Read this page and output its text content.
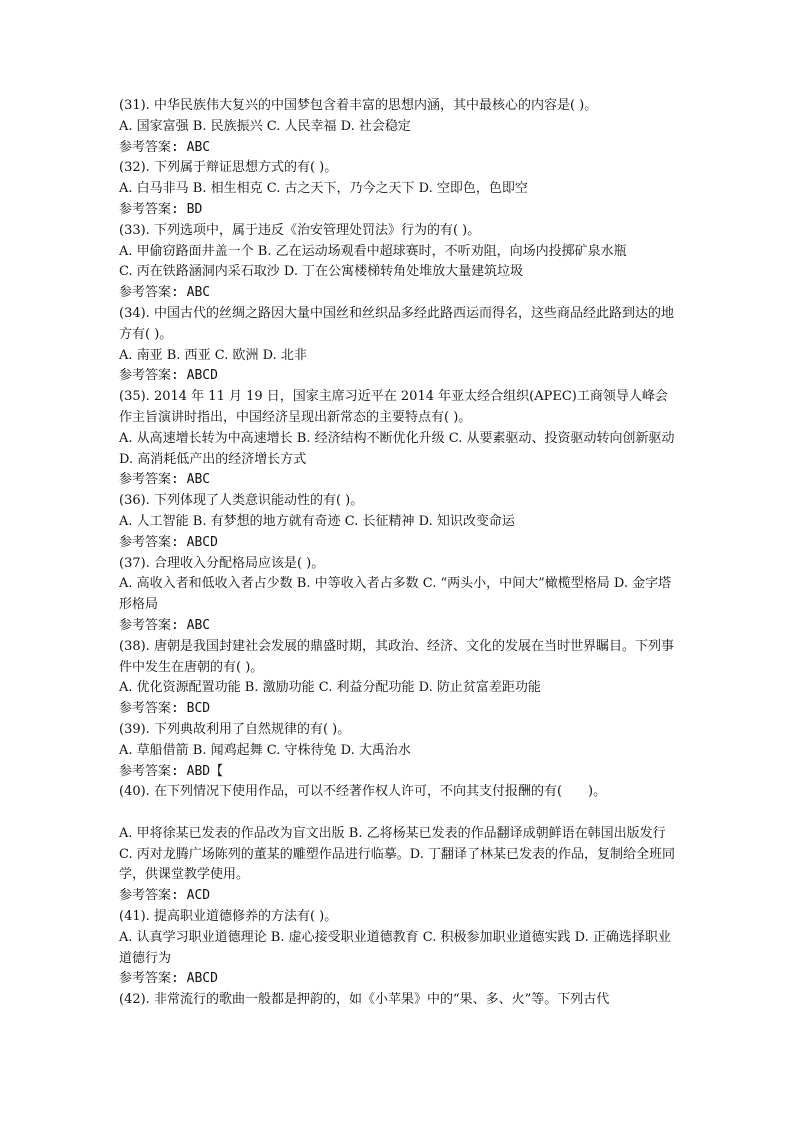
(31). 中华民族伟大复兴的中国梦包含着丰富的思想内涵，其中最核心的内容是( )。
A. 国家富强 B. 民族振兴 C. 人民幸福 D. 社会稳定
参考答案: ABC
(32). 下列属于辩证思想方式的有( )。
A. 白马非马 B. 相生相克 C. 古之天下，乃今之天下 D. 空即色，色即空
参考答案: BD
(33). 下列选项中，属于违反《治安管理处罚法》行为的有( )。
A. 甲偷窃路面井盖一个 B. 乙在运动场观看中超球赛时，不听劝阻，向场内投掷矿泉水瓶
C. 丙在铁路涵洞内采石取沙 D. 丁在公寓楼梯转角处堆放大量建筑垃圾
参考答案: ABC
(34). 中国古代的丝绸之路因大量中国丝和丝织品多经此路西运而得名，这些商品经此路到达的地方有( )。
A. 南亚 B. 西亚 C. 欧洲 D. 北非
参考答案: ABCD
(35). 2014 年 11 月 19 日，国家主席习近平在 2014 年亚太经合组织(APEC)工商领导人峰会作主旨演讲时指出，中国经济呈现出新常态的主要特点有( )。
A. 从高速增长转为中高速增长 B. 经济结构不断优化升级 C. 从要素驱动、投资驱动转向创新驱动 D. 高消耗低产出的经济增长方式
参考答案: ABC
(36). 下列体现了人类意识能动性的有( )。
A. 人工智能 B. 有梦想的地方就有奇迹 C. 长征精神 D. 知识改变命运
参考答案: ABCD
(37). 合理收入分配格局应该是( )。
A. 高收入者和低收入者占少数 B. 中等收入者占多数 C. “两头小，中间大”橄榄型格局 D. 金字塔形格局
参考答案: ABC
(38). 唐朝是我国封建社会发展的鼎盛时期，其政治、经济、文化的发展在当时世界瞩目。下列事件中发生在唐朝的有( )。
A. 优化资源配置功能 B. 激励功能 C. 利益分配功能 D. 防止贫富差距功能
参考答案: BCD
(39). 下列典故利用了自然规律的有( )。
A. 草船借箭 B. 闻鸡起舞 C. 守株待兔 D. 大禹治水
参考答案: ABD【
(40). 在下列情况下使用作品，可以不经著作权人许可，不向其支付报酬的有(　　)。
A. 甲将徐某已发表的作品改为盲文出版 B. 乙将杨某已发表的作品翻译成朝鲜语在韩国出版发行 C. 丙对龙腾广场陈列的董某的雕塑作品进行临摹。D. 丁翻译了林某已发表的作品，复制给全班同学，供课堂教学使用。
参考答案: ACD
(41). 提高职业道德修养的方法有( )。
A. 认真学习职业道德理论 B. 虚心接受职业道德教育 C. 积极参加职业道德实践 D. 正确选择职业道德行为
参考答案: ABCD
(42). 非常流行的歌曲一般都是押韵的，如《小苹果》中的“果、多、火”等。下列古代
